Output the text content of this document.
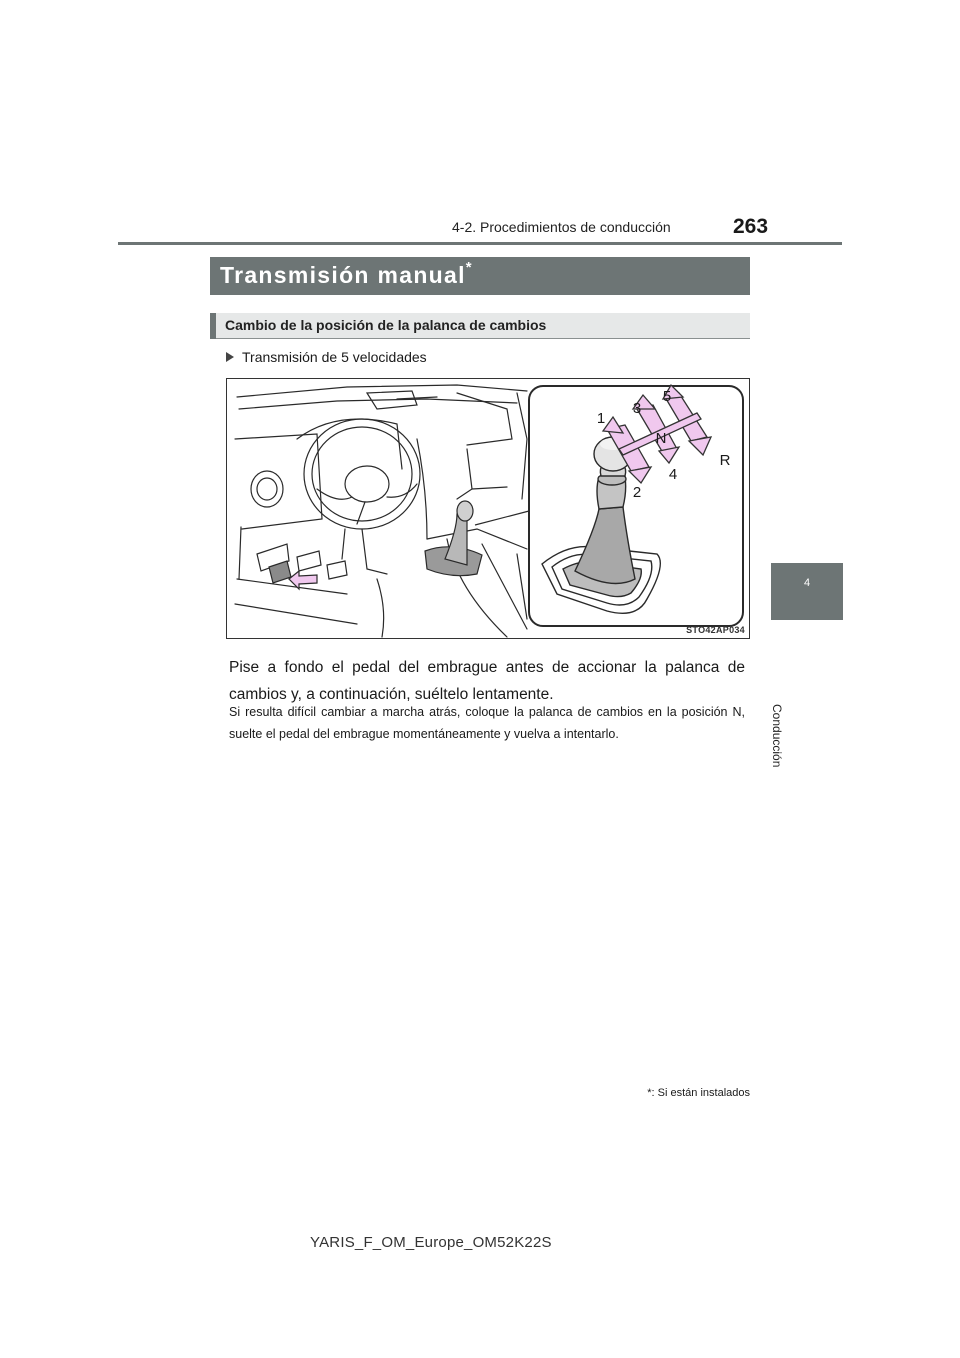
4-2. Procedimientos de conducción	263
4
Conducción
Transmisión manual*
Cambio de la posición de la palanca de cambios
Transmisión de 5 velocidades
1
2
3
4
5
N
R
STO42AP034
Pise a fondo el pedal del embrague antes de accionar la palanca de cambios y, a continuación, suéltelo lentamente.
Si resulta difícil cambiar a marcha atrás, coloque la palanca de cambios en la posición N, suelte el pedal del embrague momentáneamente y vuelva a intentarlo.
*: Si están instalados
YARIS_F_OM_Europe_OM52K22S
